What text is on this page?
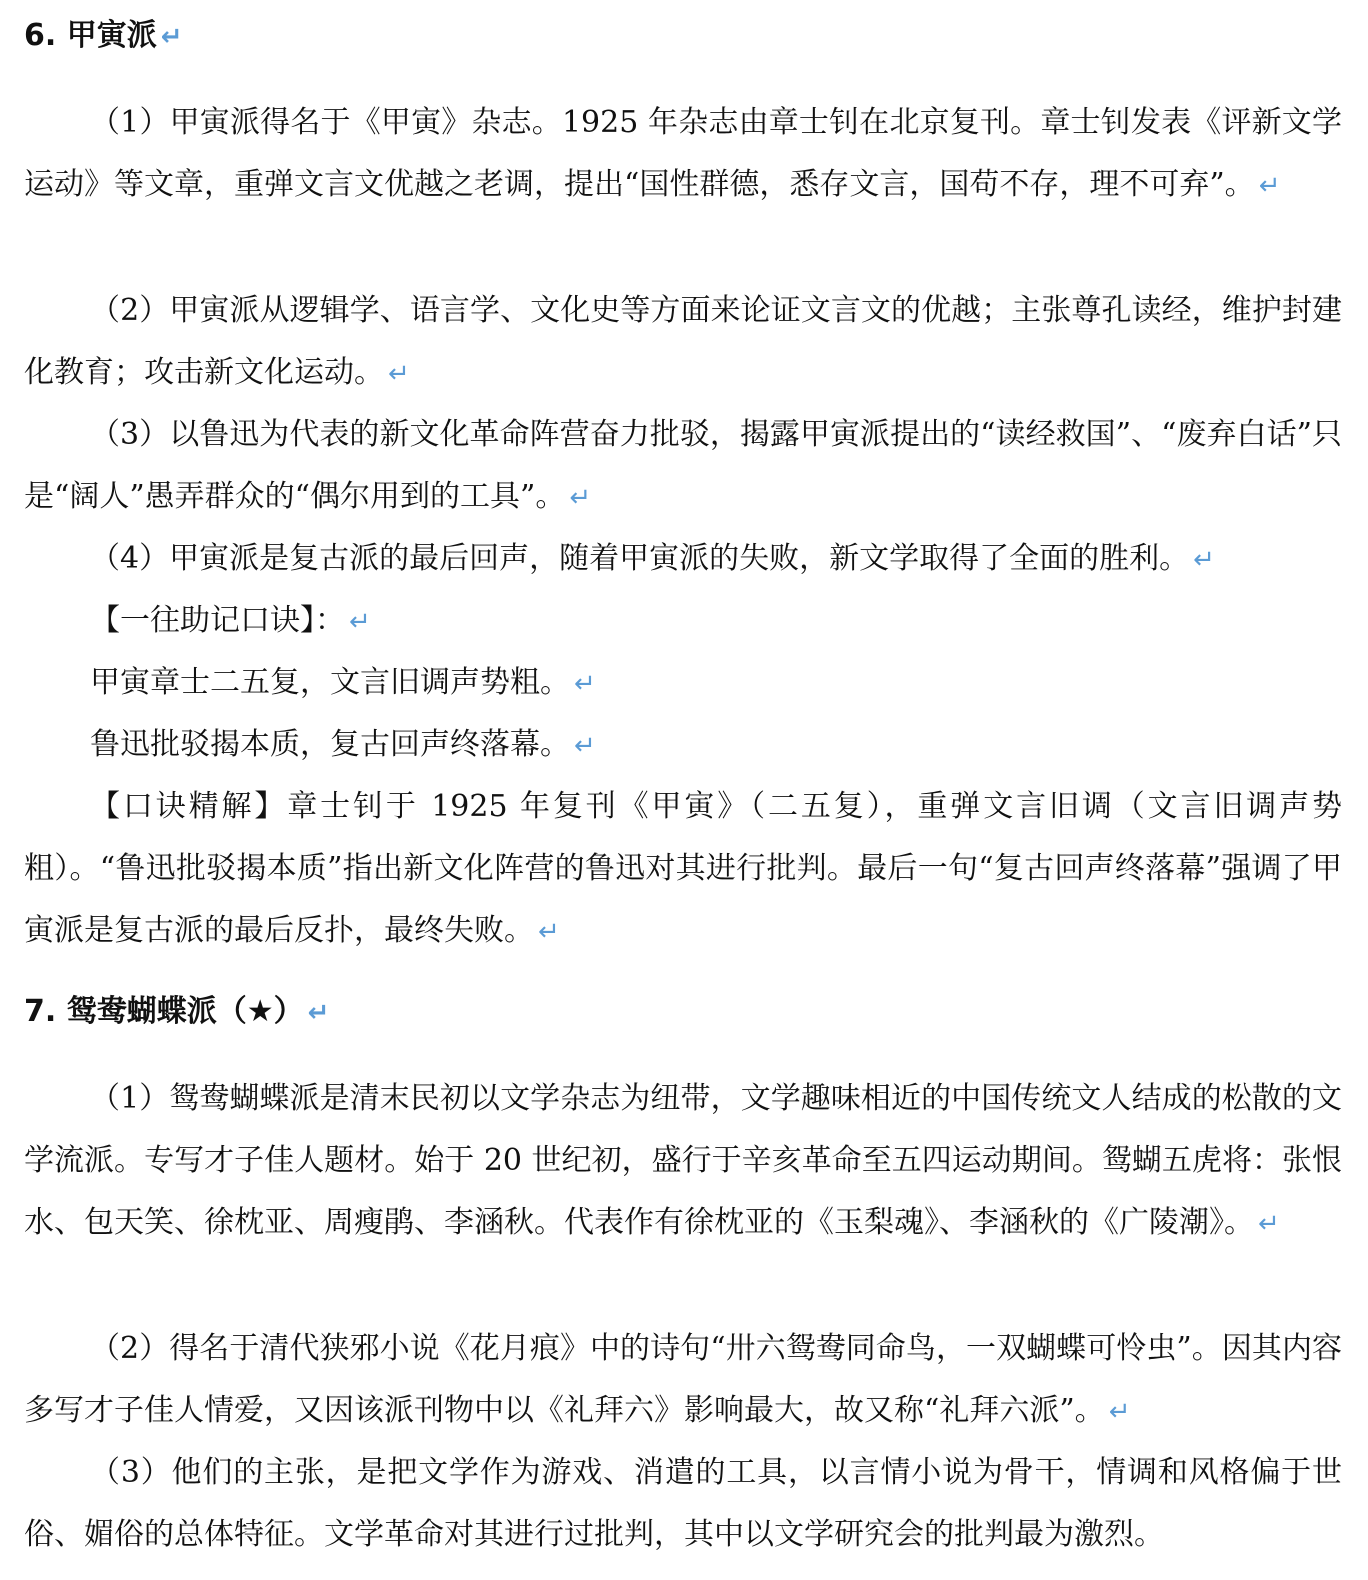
6. 甲寅派 ↵
（1）甲寅派得名于《甲寅》杂志。1925 年杂志由章士钊在北京复刊。章士钊发表《评新文学运动》等文章，重弹文言文优越之老调，提出“国性群德，悉存文言，国苟不存，理不可弃”。 ↵
（2）甲寅派从逻辑学、语言学、文化史等方面来论证文言文的优越；主张尊孔读经，维护封建化教育；攻击新文化运动。 ↵
（3）以鲁迅为代表的新文化革命阵营奋力批驳，揭露甲寅派提出的“读经救国”、“废弃白话”只是“阔人”愚弄群众的“偶尔用到的工具”。 ↵
（4）甲寅派是复古派的最后回声，随着甲寅派的失败，新文学取得了全面的胜利。 ↵
【一往助记口诀】： ↵
甲寅章士二五复，文言旧调声势粗。 ↵
鲁迅批驳揭本质，复古回声终落幕。 ↵
【口诀精解】章士钊于 1925 年复刊《甲寅》（二五复），重弹文言旧调（文言旧调声势粗）。“鲁迅批驳揭本质”指出新文化阵营的鲁迅对其进行批判。最后一句“复古回声终落幕”强调了甲寅派是复古派的最后反扑，最终失败。 ↵
7. 鸳鸯蝴蝶派（★） ↵
（1）鸳鸯蝴蝶派是清末民初以文学杂志为纽带，文学趣味相近的中国传统文人结成的松散的文学流派。专写才子佳人题材。始于 20 世纪初，盛行于辛亥革命至五四运动期间。鸳蝴五虎将：张恨水、包天笑、徐枕亚、周瘦鹃、李涵秋。代表作有徐枕亚的《玉梨魂》、李涵秋的《广陵潮》。 ↵
（2）得名于清代狭邪小说《花月痕》中的诗句“卅六鸳鸯同命鸟，一双蝴蝶可怜虫”。因其内容多写才子佳人情爱，又因该派刊物中以《礼拜六》影响最大，故又称“礼拜六派”。 ↵
（3）他们的主张，是把文学作为游戏、消遣的工具，以言情小说为骨干，情调和风格偏于世俗、媚俗的总体特征。文学革命对其进行过批判，其中以文学研究会的批判最为激烈。
